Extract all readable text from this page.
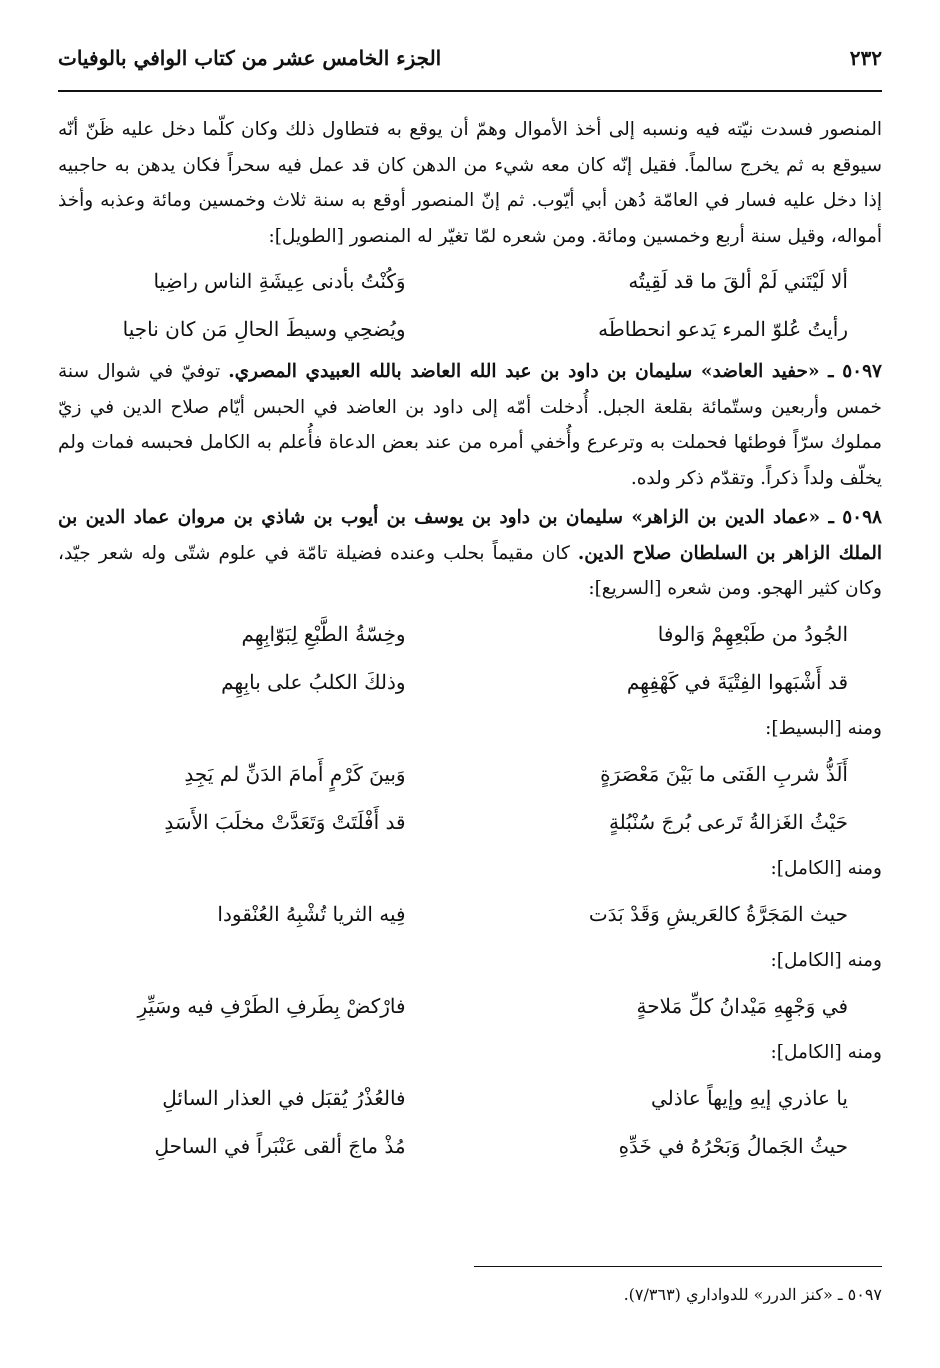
٢٣٢
الجزء الخامس عشر من كتاب الوافي بالوفيات

المنصور فسدت نيّته فيه ونسبه إلى أخذ الأموال وهمّ أن يوقع به فتطاول ذلك وكان كلّما دخل عليه ظَنّ أنّه سيوقع به ثم يخرج سالماً. فقيل إنّه كان معه شيء من الدهن كان قد عمل فيه سحراً فكان يدهن به حاجبيه إذا دخل عليه فسار في العامّة دُهن أبي أيّوب. ثم إنّ المنصور أوقع به سنة ثلاث وخمسين ومائة وعذبه وأخذ أمواله، وقيل سنة أربع وخمسين ومائة. ومن شعره لمّا تغيّر له المنصور [الطويل]:

ألا لَيْتَني لَمْ ألقَ ما قد لَقِيتُه
وَكُنْتُ بأدنى عِيشَةِ الناس راضِيا
رأيتُ عُلوّ المرء يَدعو انحطاطَه
ويُضحِي وسيطَ الحالِ مَن كان ناجيا

٥٠٩٧ ـ «حفيد العاضد» سليمان بن داود بن عبد الله العاضد بالله العبيدي المصري. توفيّ في شوال سنة خمس وأربعين وستّمائة بقلعة الجبل. أُدخلت أمّه إلى داود بن العاضد في الحبس أيّام صلاح الدين في زيّ مملوك سرّاً فوطئها فحملت به وترعرع وأُخفي أمره من عند بعض الدعاة فأُعلم به الكامل فحبسه فمات ولم يخلّف ولداً ذكراً. وتقدّم ذكر ولده.

٥٠٩٨ ـ «عماد الدين بن الزاهر» سليمان بن داود بن يوسف بن أيوب بن شاذي بن مروان عماد الدين بن الملك الزاهر بن السلطان صلاح الدين. كان مقيماً بحلب وعنده فضيلة تامّة في علوم شتّى وله شعر جيّد، وكان كثير الهجو. ومن شعره [السريع]:

الجُودُ من طَبْعِهِمْ وَالوفا
وخِسّةُ الطَّبْعِ لِبَوّابِهِم
قد أَشْبَهوا الفِتْيَةَ في كَهْفِهِم
وذلكَ الكلبُ على بابِهِم
ومنه [البسيط]:
أَلَذُّ شربِ الفَتى ما بَيْنَ مَعْصَرَةٍ
وَبينَ كَرْمٍ أَمامَ الدَنِّ لم يَجِدِ
حَيْثُ الغَزالةُ تَرعى بُرجَ سُنْبُلةٍ
قد أَفْلَتَتْ وَتَعَدَّتْ مخلَبَ الأَسَدِ
ومنه [الكامل]:
حيث المَجَرَّةُ كالعَريشِ وَقَدْ بَدَت
فِيه الثريا تُشْبِهُ العُنْقودا
ومنه [الكامل]:
في وَجْهِهِ مَيْدانُ كلِّ مَلاحةٍ
فارْكضْ بِطَرفِ الطَرْفِ فيه وسَيِّرِ
ومنه [الكامل]:
يا عاذري إيهِ وإيهاً عاذلي
فالعُذْرُ يُقبَل في العذار السائلِ
حيثُ الجَمالُ وَبَحْرُهُ في خَدِّهِ
مُذْ ماجَ ألقى عَنْبَراً في الساحلِ
٥٠٩٧ ـ «كنز الدرر» للدواداري (٧/٣٦٣).
